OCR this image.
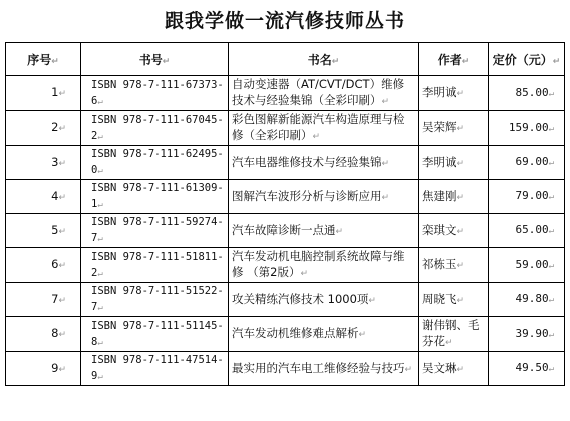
跟我学做一流汽修技师丛书
序号↵	书号↵	书名↵	作者↵	定价（元）↵
1↵	ISBN 978-7-111-67373-6↵	自动变速器（AT/CVT/DCT）维修技术与经验集锦（全彩印刷）↵	李明诚↵	85.00↵
2↵	ISBN 978-7-111-67045-2↵	彩色图解新能源汽车构造原理与检修（全彩印刷）↵	吴荣辉↵	159.00↵
3↵	ISBN 978-7-111-62495-0↵	汽车电器维修技术与经验集锦↵	李明诚↵	69.00↵
4↵	ISBN 978-7-111-61309-1↵	图解汽车波形分析与诊断应用↵	焦建刚↵	79.00↵
5↵	ISBN 978-7-111-59274-7↵	汽车故障诊断一点通↵	栾琪文↵	65.00↵
6↵	ISBN 978-7-111-51811-2↵	汽车发动机电脑控制系统故障与维修 （第2版）↵	祁栋玉↵	59.00↵
7↵	ISBN 978-7-111-51522-7↵	攻关精练汽修技术 1000项↵	周晓飞↵	49.80↵
8↵	ISBN 978-7-111-51145-8↵	汽车发动机维修难点解析↵	谢伟钢、毛芬花↵	39.90↵
9↵	ISBN 978-7-111-47514-9↵	最实用的汽车电工维修经验与技巧↵	吴文琳↵	49.50↵
